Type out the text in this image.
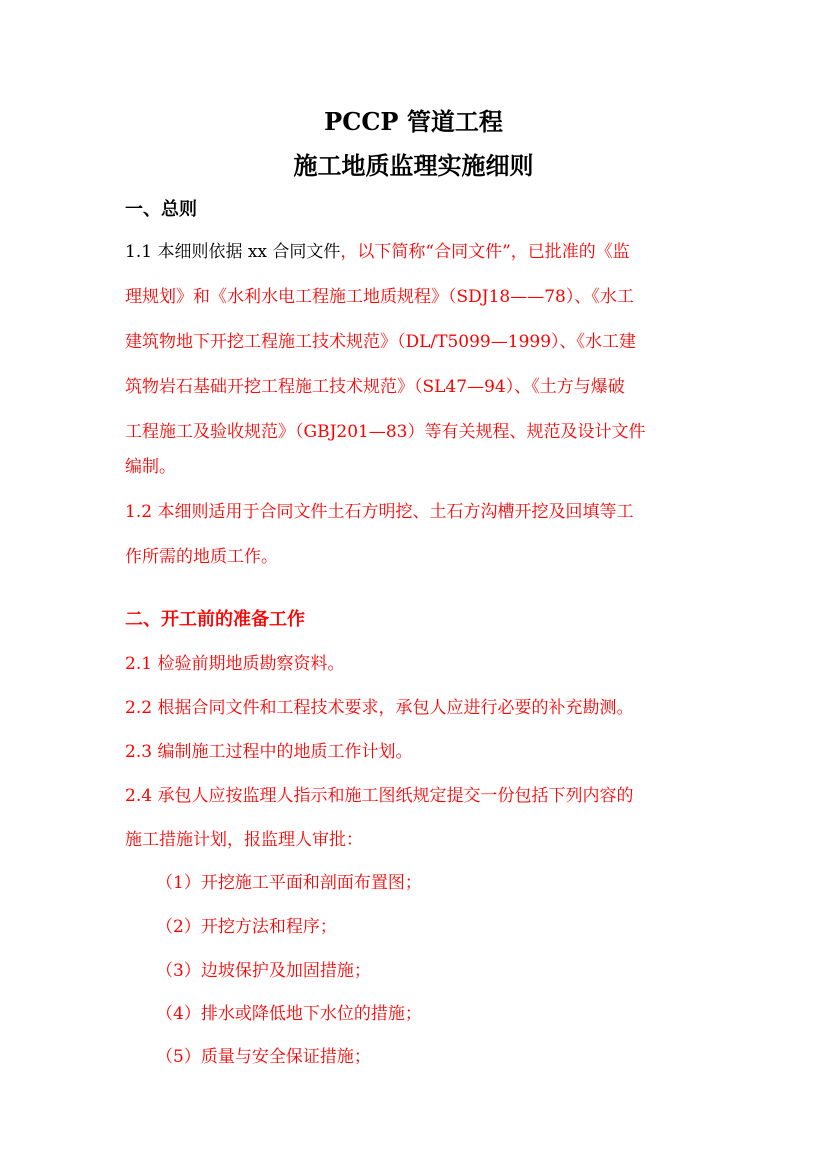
PCCP 管道工程
施工地质监理实施细则
一、总则
1.1 本细则依据 xx 合同文件，以下简称“合同文件”，已批准的《监
理规划》和《水利水电工程施工地质规程》（SDJ18——78）、《水工
建筑物地下开挖工程施工技术规范》（DL/T5099—1999）、《水工建
筑物岩石基础开挖工程施工技术规范》（SL47—94）、《土方与爆破
工程施工及验收规范》（GBJ201—83）等有关规程、规范及设计文件
编制。
1.2 本细则适用于合同文件土石方明挖、土石方沟槽开挖及回填等工
作所需的地质工作。
二、开工前的准备工作
2.1 检验前期地质勘察资料。
2.2 根据合同文件和工程技术要求，承包人应进行必要的补充勘测。
2.3 编制施工过程中的地质工作计划。
2.4 承包人应按监理人指示和施工图纸规定提交一份包括下列内容的
施工措施计划，报监理人审批：
（1）开挖施工平面和剖面布置图；
（2）开挖方法和程序；
（3）边坡保护及加固措施；
（4）排水或降低地下水位的措施；
（5）质量与安全保证措施；
